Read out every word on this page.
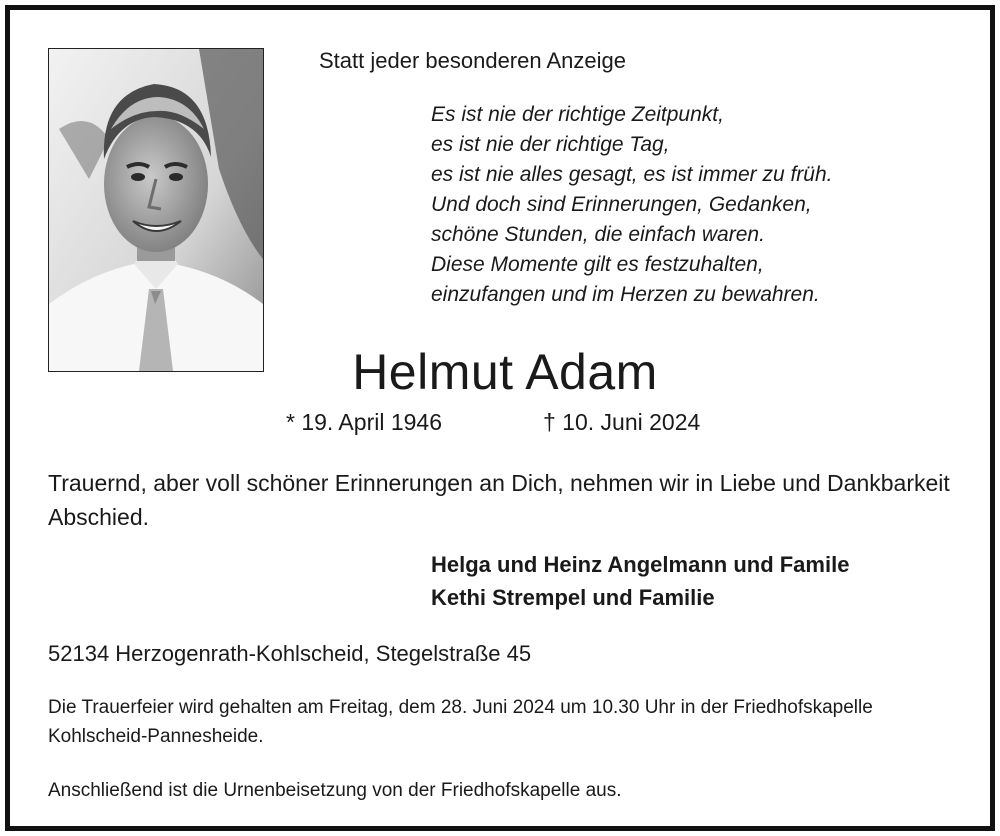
Statt jeder besonderen Anzeige
Es ist nie der richtige Zeitpunkt,
es ist nie der richtige Tag,
es ist nie alles gesagt, es ist immer zu früh.
Und doch sind Erinnerungen, Gedanken,
schöne Stunden, die einfach waren.
Diese Momente gilt es festzuhalten,
einzufangen und im Herzen zu bewahren.
Helmut Adam
* 19. April 1946	† 10. Juni 2024
Trauernd, aber voll schöner Erinnerungen an Dich, nehmen wir in Liebe und Dankbarkeit Abschied.
Helga und Heinz Angelmann und Famile
Kethi Strempel und Familie
52134 Herzogenrath-Kohlscheid, Stegelstraße 45
Die Trauerfeier wird gehalten am Freitag, dem 28. Juni 2024 um 10.30 Uhr in der Friedhofskapelle Kohlscheid-Pannesheide.
Anschließend ist die Urnenbeisetzung von der Friedhofskapelle aus.
